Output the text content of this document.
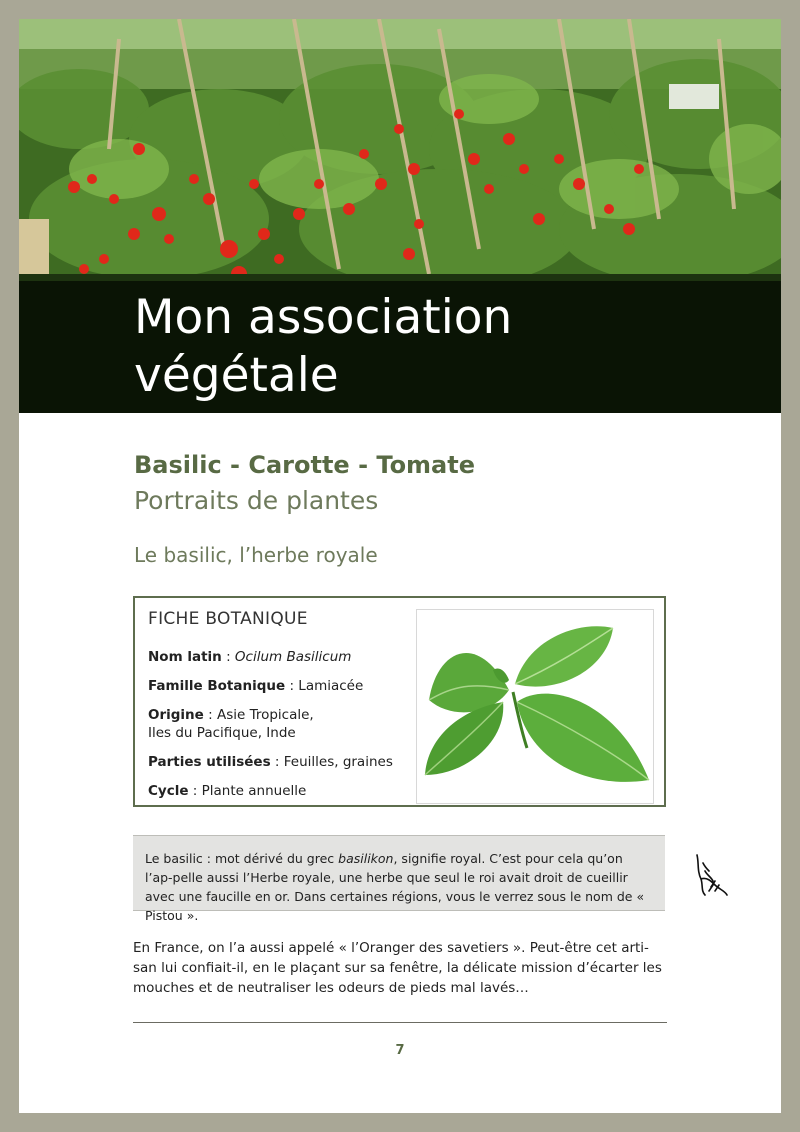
Mon association
végétale
Basilic - Carotte - Tomate
Portraits de plantes
Le basilic, l’herbe royale
FICHE BOTANIQUE
Nom latin : Ocilum Basilicum
Famille Botanique : Lamiacée
Origine : Asie Tropicale,
Iles du Pacifique, Inde
Parties utilisées : Feuilles, graines
Cycle : Plante annuelle
Le basilic : mot dérivé du grec basilikon, signifie royal. C’est pour cela qu’on l’ap-pelle aussi l’Herbe royale, une herbe que seul le roi avait droit de cueillir avec une faucille en or. Dans certaines régions, vous le verrez sous le nom de « Pistou ».
En France, on l’a aussi appelé « l’Oranger des savetiers ». Peut-être cet arti-san lui confiait-il, en le plaçant sur sa fenêtre, la délicate mission d’écarter les mouches et de neutraliser les odeurs de pieds mal lavés…
7
